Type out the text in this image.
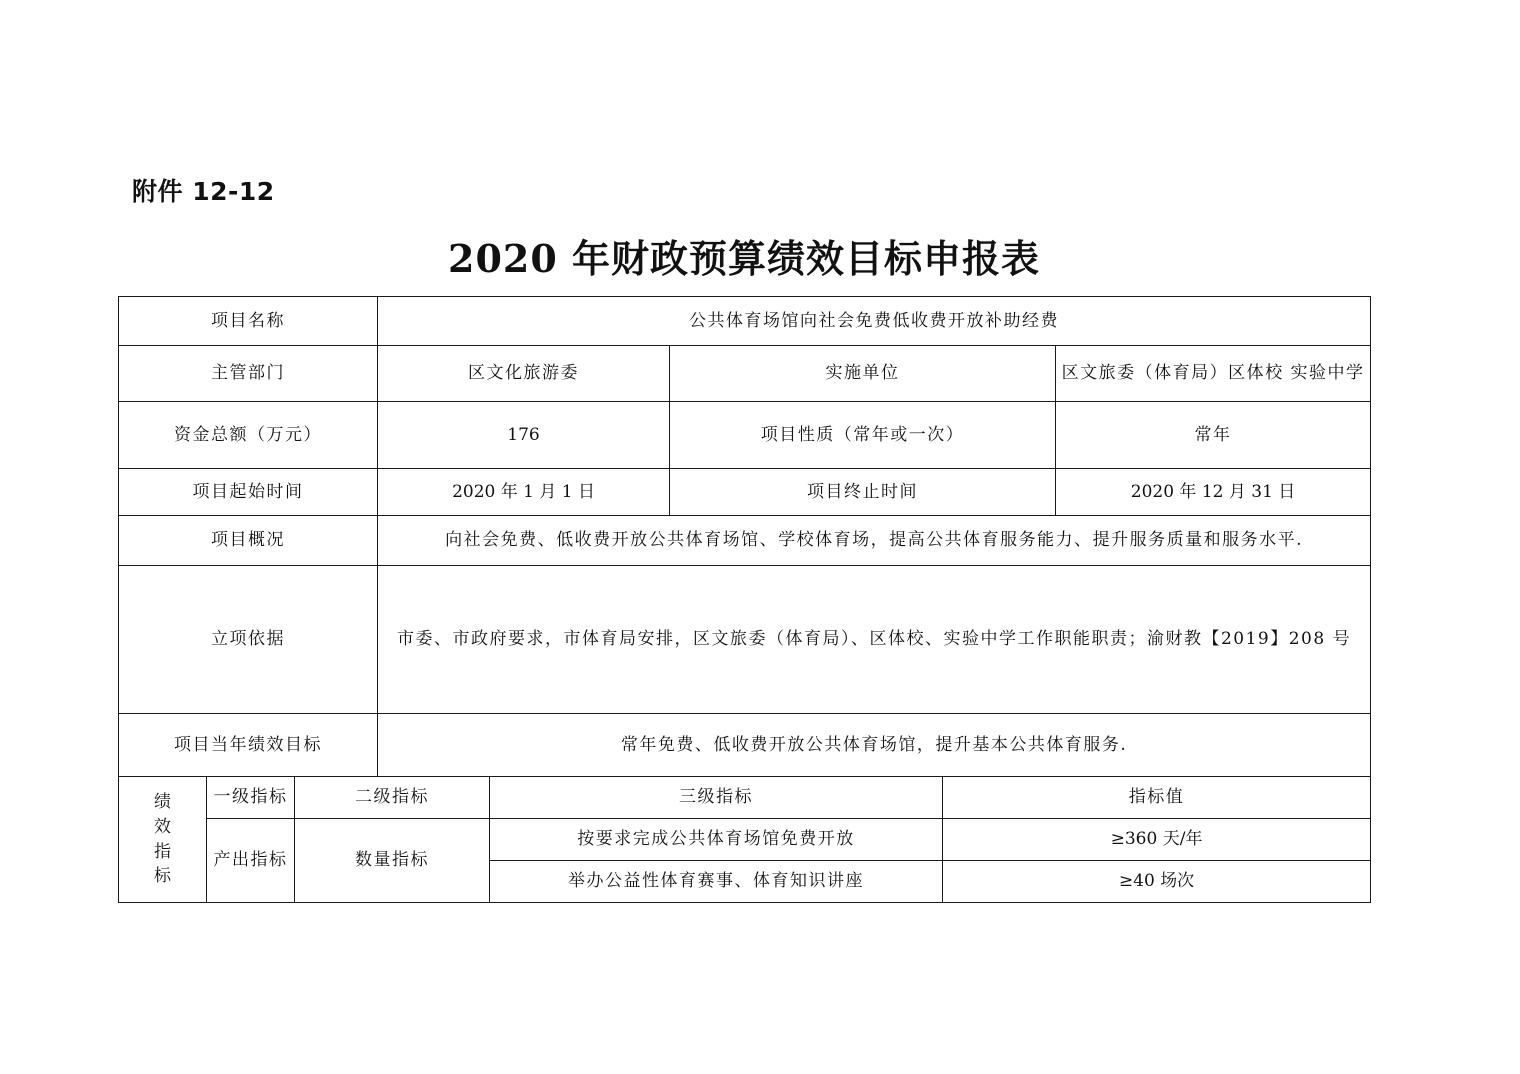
附件 12-12
2020 年财政预算绩效目标申报表
项目名称			公共体育场馆向社会免费低收费开放补助经费				
主管部门			区文化旅游委		实施单位		区文旅委（体育局）区体校 实验中学
资金总额（万元）			176		项目性质（常年或一次）		常年
项目起始时间			2020 年 1 月 1 日		项目终止时间		2020 年 12 月 31 日
项目概况			向社会免费、低收费开放公共体育场馆、学校体育场，提高公共体育服务能力、提升服务质量和服务水平.				
立项依据			市委、市政府要求，市体育局安排，区文旅委（体育局）、区体校、实验中学工作职能职责；渝财教【2019】208 号				
项目当年绩效目标			常年免费、低收费开放公共体育场馆，提升基本公共体育服务.				
绩效指标	一级指标	二级指标		三级指标		指标值	
	产出指标	数量指标		按要求完成公共体育场馆免费开放		≥360 天/年	
				举办公益性体育赛事、体育知识讲座		≥40 场次	
